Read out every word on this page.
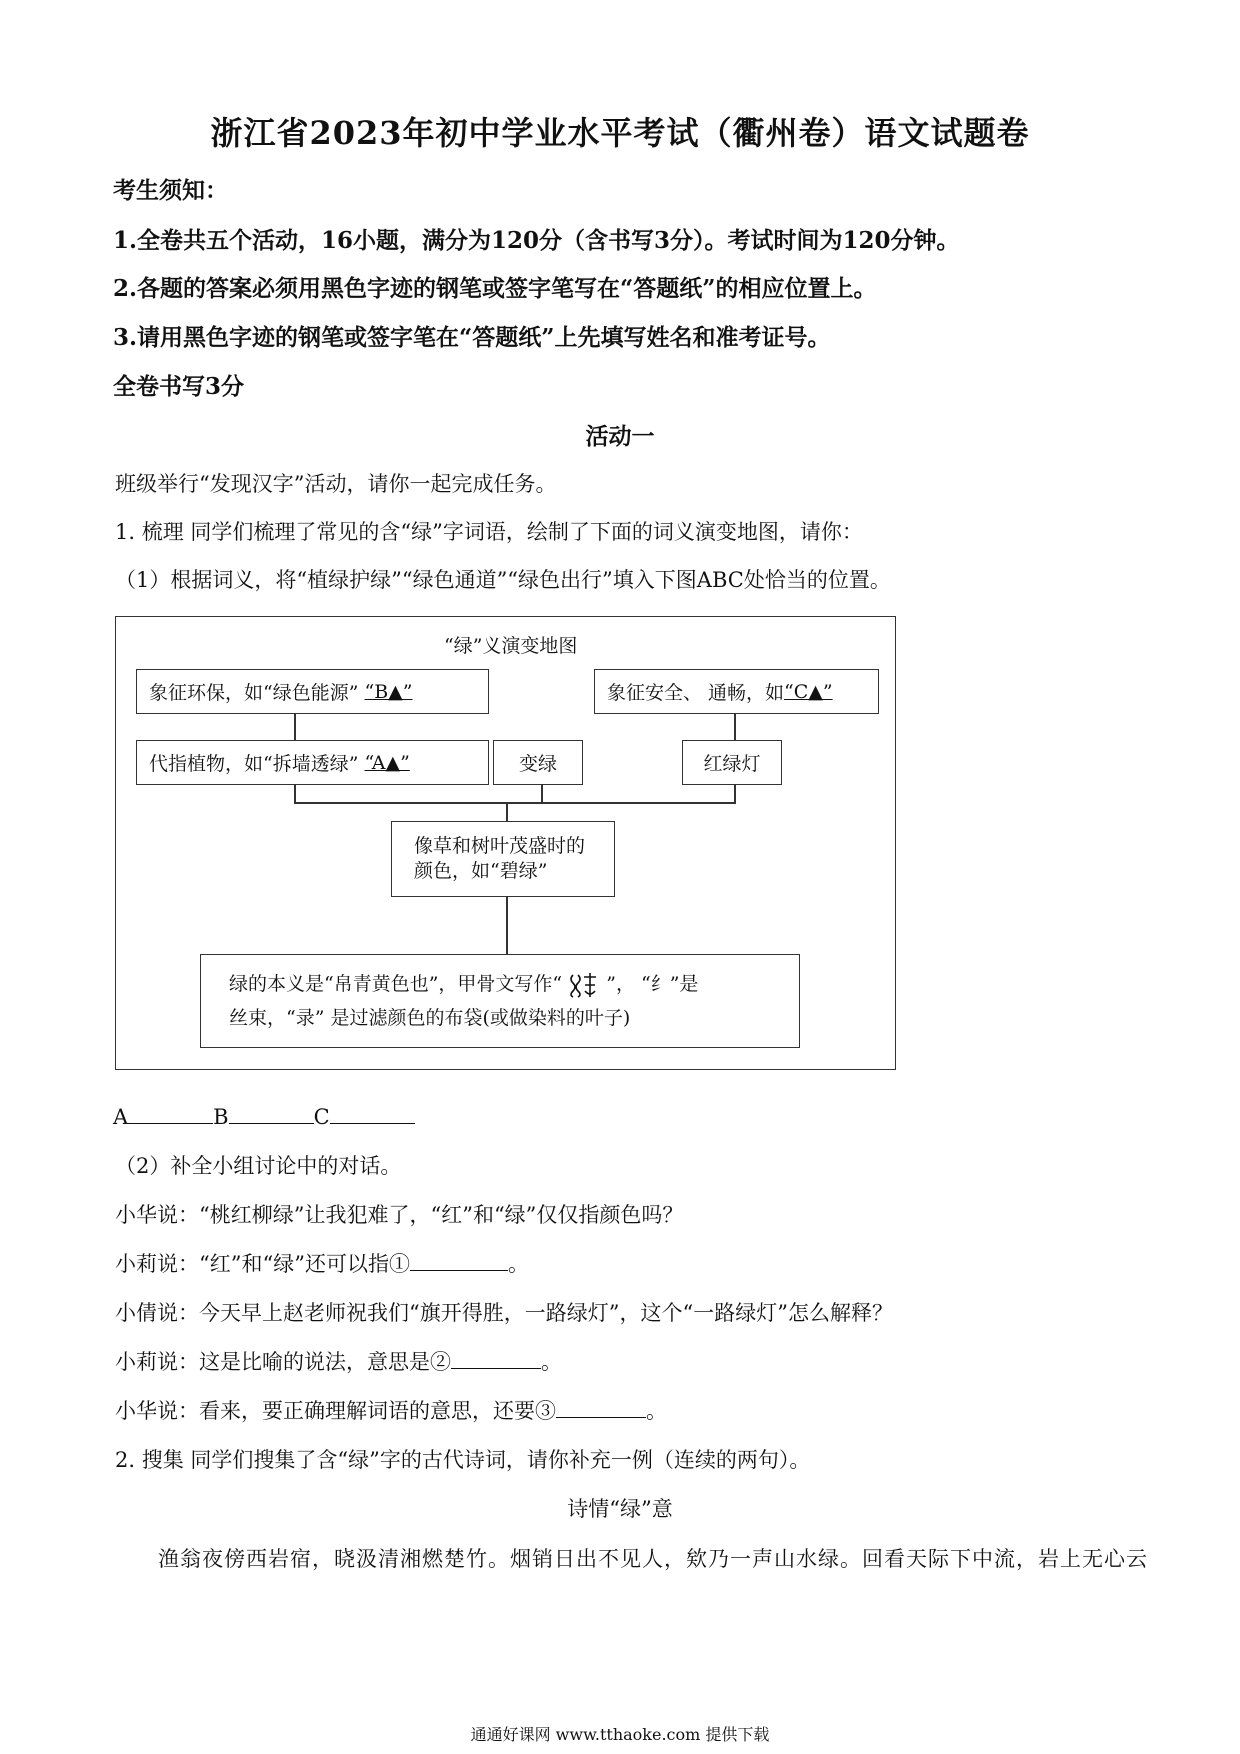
浙江省2023年初中学业水平考试（衢州卷）语文试题卷
考生须知：
1.全卷共五个活动，16小题，满分为120分（含书写3分）。考试时间为120分钟。
2.各题的答案必须用黑色字迹的钢笔或签字笔写在“答题纸”的相应位置上。
3.请用黑色字迹的钢笔或签字笔在“答题纸”上先填写姓名和准考证号。
全卷书写3分
活动一
班级举行“发现汉字”活动，请你一起完成任务。
1. 梳理 同学们梳理了常见的含“绿”字词语，绘制了下面的词义演变地图，请你：
（1）根据词义，将“植绿护绿”“绿色通道”“绿色出行”填入下图ABC处恰当的位置。
“绿”义演变地图
象征环保，如“绿色能源”
“B▲”	象征安全、 通畅，如 “C▲”
代指植物，如“拆墙透绿”
“A▲”	变绿	红绿灯
像草和树叶茂盛时的
颜色，如“碧绿”
绿的本义是“帛青黄色也”，甲骨文写作“ ”， “纟”是
丝束，“录” 是过滤颜色的布袋(或做染料的叶子)
A	B	C
（2）补全小组讨论中的对话。
小华说：“桃红柳绿”让我犯难了，“红”和“绿”仅仅指颜色吗？
小莉说：“红”和“绿”还可以指①	。
小倩说：今天早上赵老师祝我们“旗开得胜，一路绿灯”，这个“一路绿灯”怎么解释？
小莉说：这是比喻的说法，意思是②	。
小华说：看来，要正确理解词语的意思，还要③	。
2. 搜集 同学们搜集了含“绿”字的古代诗词，请你补充一例（连续的两句）。
诗情“绿”意
渔翁夜傍西岩宿，晓汲清湘燃楚竹。烟销日出不见人，欸乃一声山水绿。回看天际下中流，岩上无心云
通通好课网 www.tthaoke.com 提供下载
